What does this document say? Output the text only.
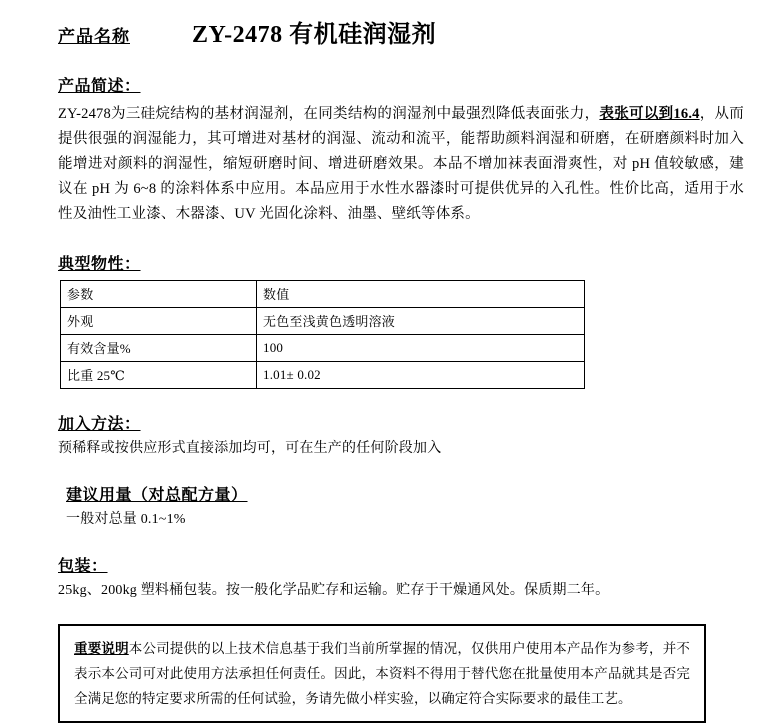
产品名称	ZY-2478 有机硅润湿剂
产品简述：
ZY-2478为三硅烷结构的基材润湿剂，在同类结构的润湿剂中最强烈降低表面张力，表张可以到16.4，从而提供很强的润湿能力，其可增进对基材的润湿、流动和流平，能帮助颜料润湿和研磨，在研磨颜料时加入能增进对颜料的润湿性，缩短研磨时间、增进研磨效果。本品不增加袜表面滑爽性，对 pH 值较敏感，建议在 pH 为 6~8 的涂料体系中应用。本品应用于水性水器漆时可提供优异的入孔性。性价比高，适用于水性及油性工业漆、木器漆、UV 光固化涂料、油墨、壁纸等体系。
典型物性：
参数	数值
外观	无色至浅黄色透明溶液
有效含量%	100
比重 25℃	1.01± 0.02
加入方法：
预稀释或按供应形式直接添加均可，可在生产的任何阶段加入
建议用量（对总配方量）
一般对总量 0.1~1%
包装：
25kg、200kg 塑料桶包装。按一般化学品贮存和运输。贮存于干燥通风处。保质期二年。

重要说明本公司提供的以上技术信息基于我们当前所掌握的情况，仅供用户使用本产品作为参考，并不表示本公司可对此使用方法承担任何责任。因此，本资料不得用于替代您在批量使用本产品就其是否完全满足您的特定要求所需的任何试验，务请先做小样实验，以确定符合实际要求的最佳工艺。
